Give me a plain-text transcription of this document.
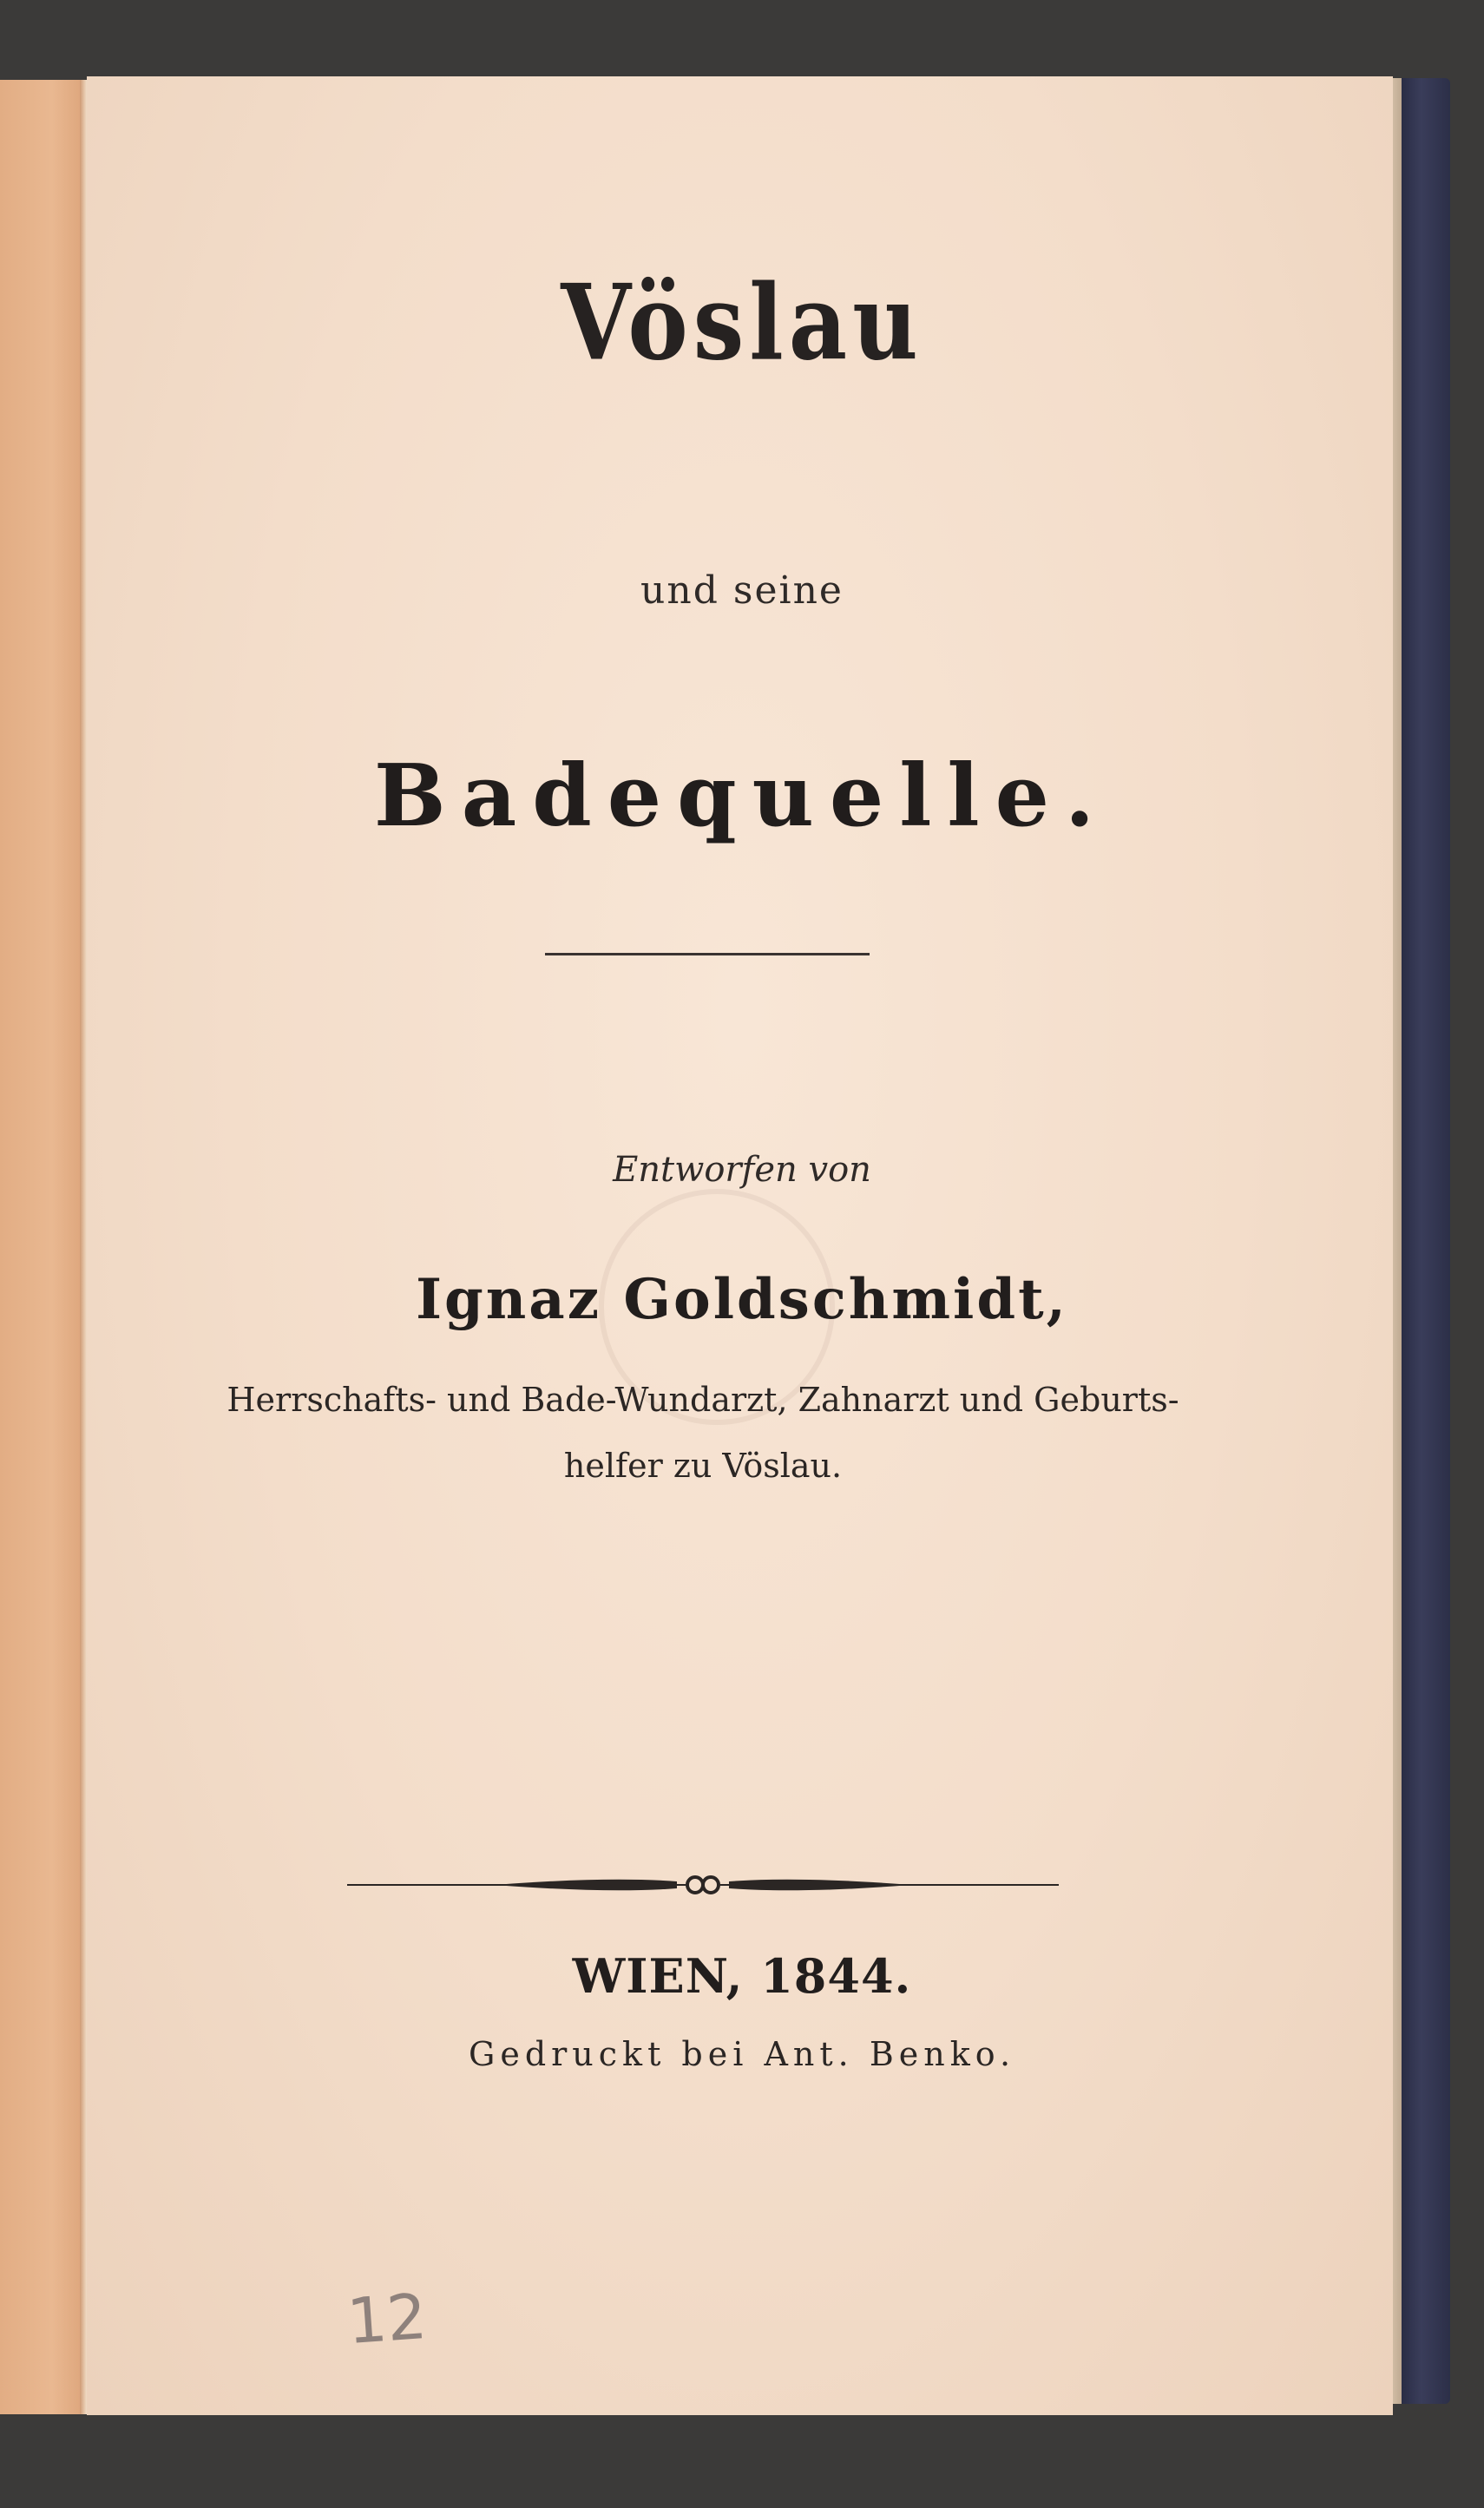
Vöslau
und seine
Badequelle.
Entworfen von
Ignaz Goldschmidt,
Herrschafts- und Bade-Wundarzt, Zahnarzt und Geburts-
helfer zu Vöslau.
WIEN, 1844.
Gedruckt bei Ant. Benko.
12
